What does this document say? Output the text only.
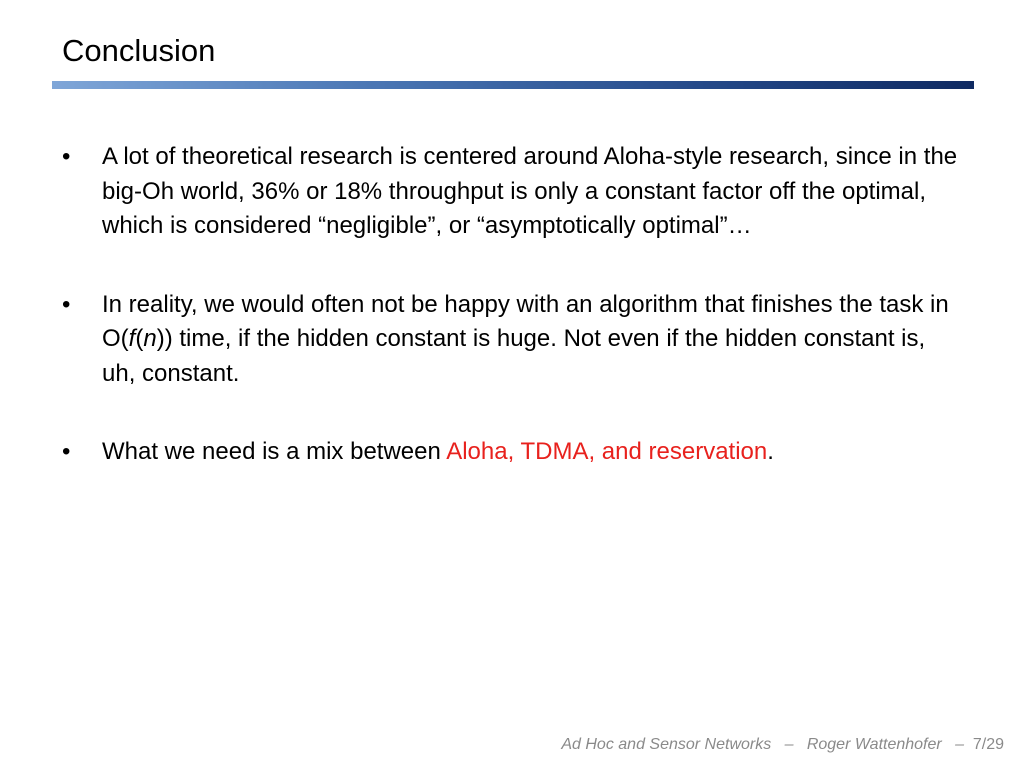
Conclusion
•	A lot of theoretical research is centered around Aloha-style research, since in the big-Oh world, 36% or 18% throughput is only a constant factor off the optimal, which is considered “negligible”, or “asymptotically optimal”…
•	In reality, we would often not be happy with an algorithm that finishes the task in O(f(n)) time, if the hidden constant is huge. Not even if the hidden constant is, uh, constant.
•	What we need is a mix between Aloha, TDMA, and reservation.
Ad Hoc and Sensor Networks – Roger Wattenhofer – 7/29
